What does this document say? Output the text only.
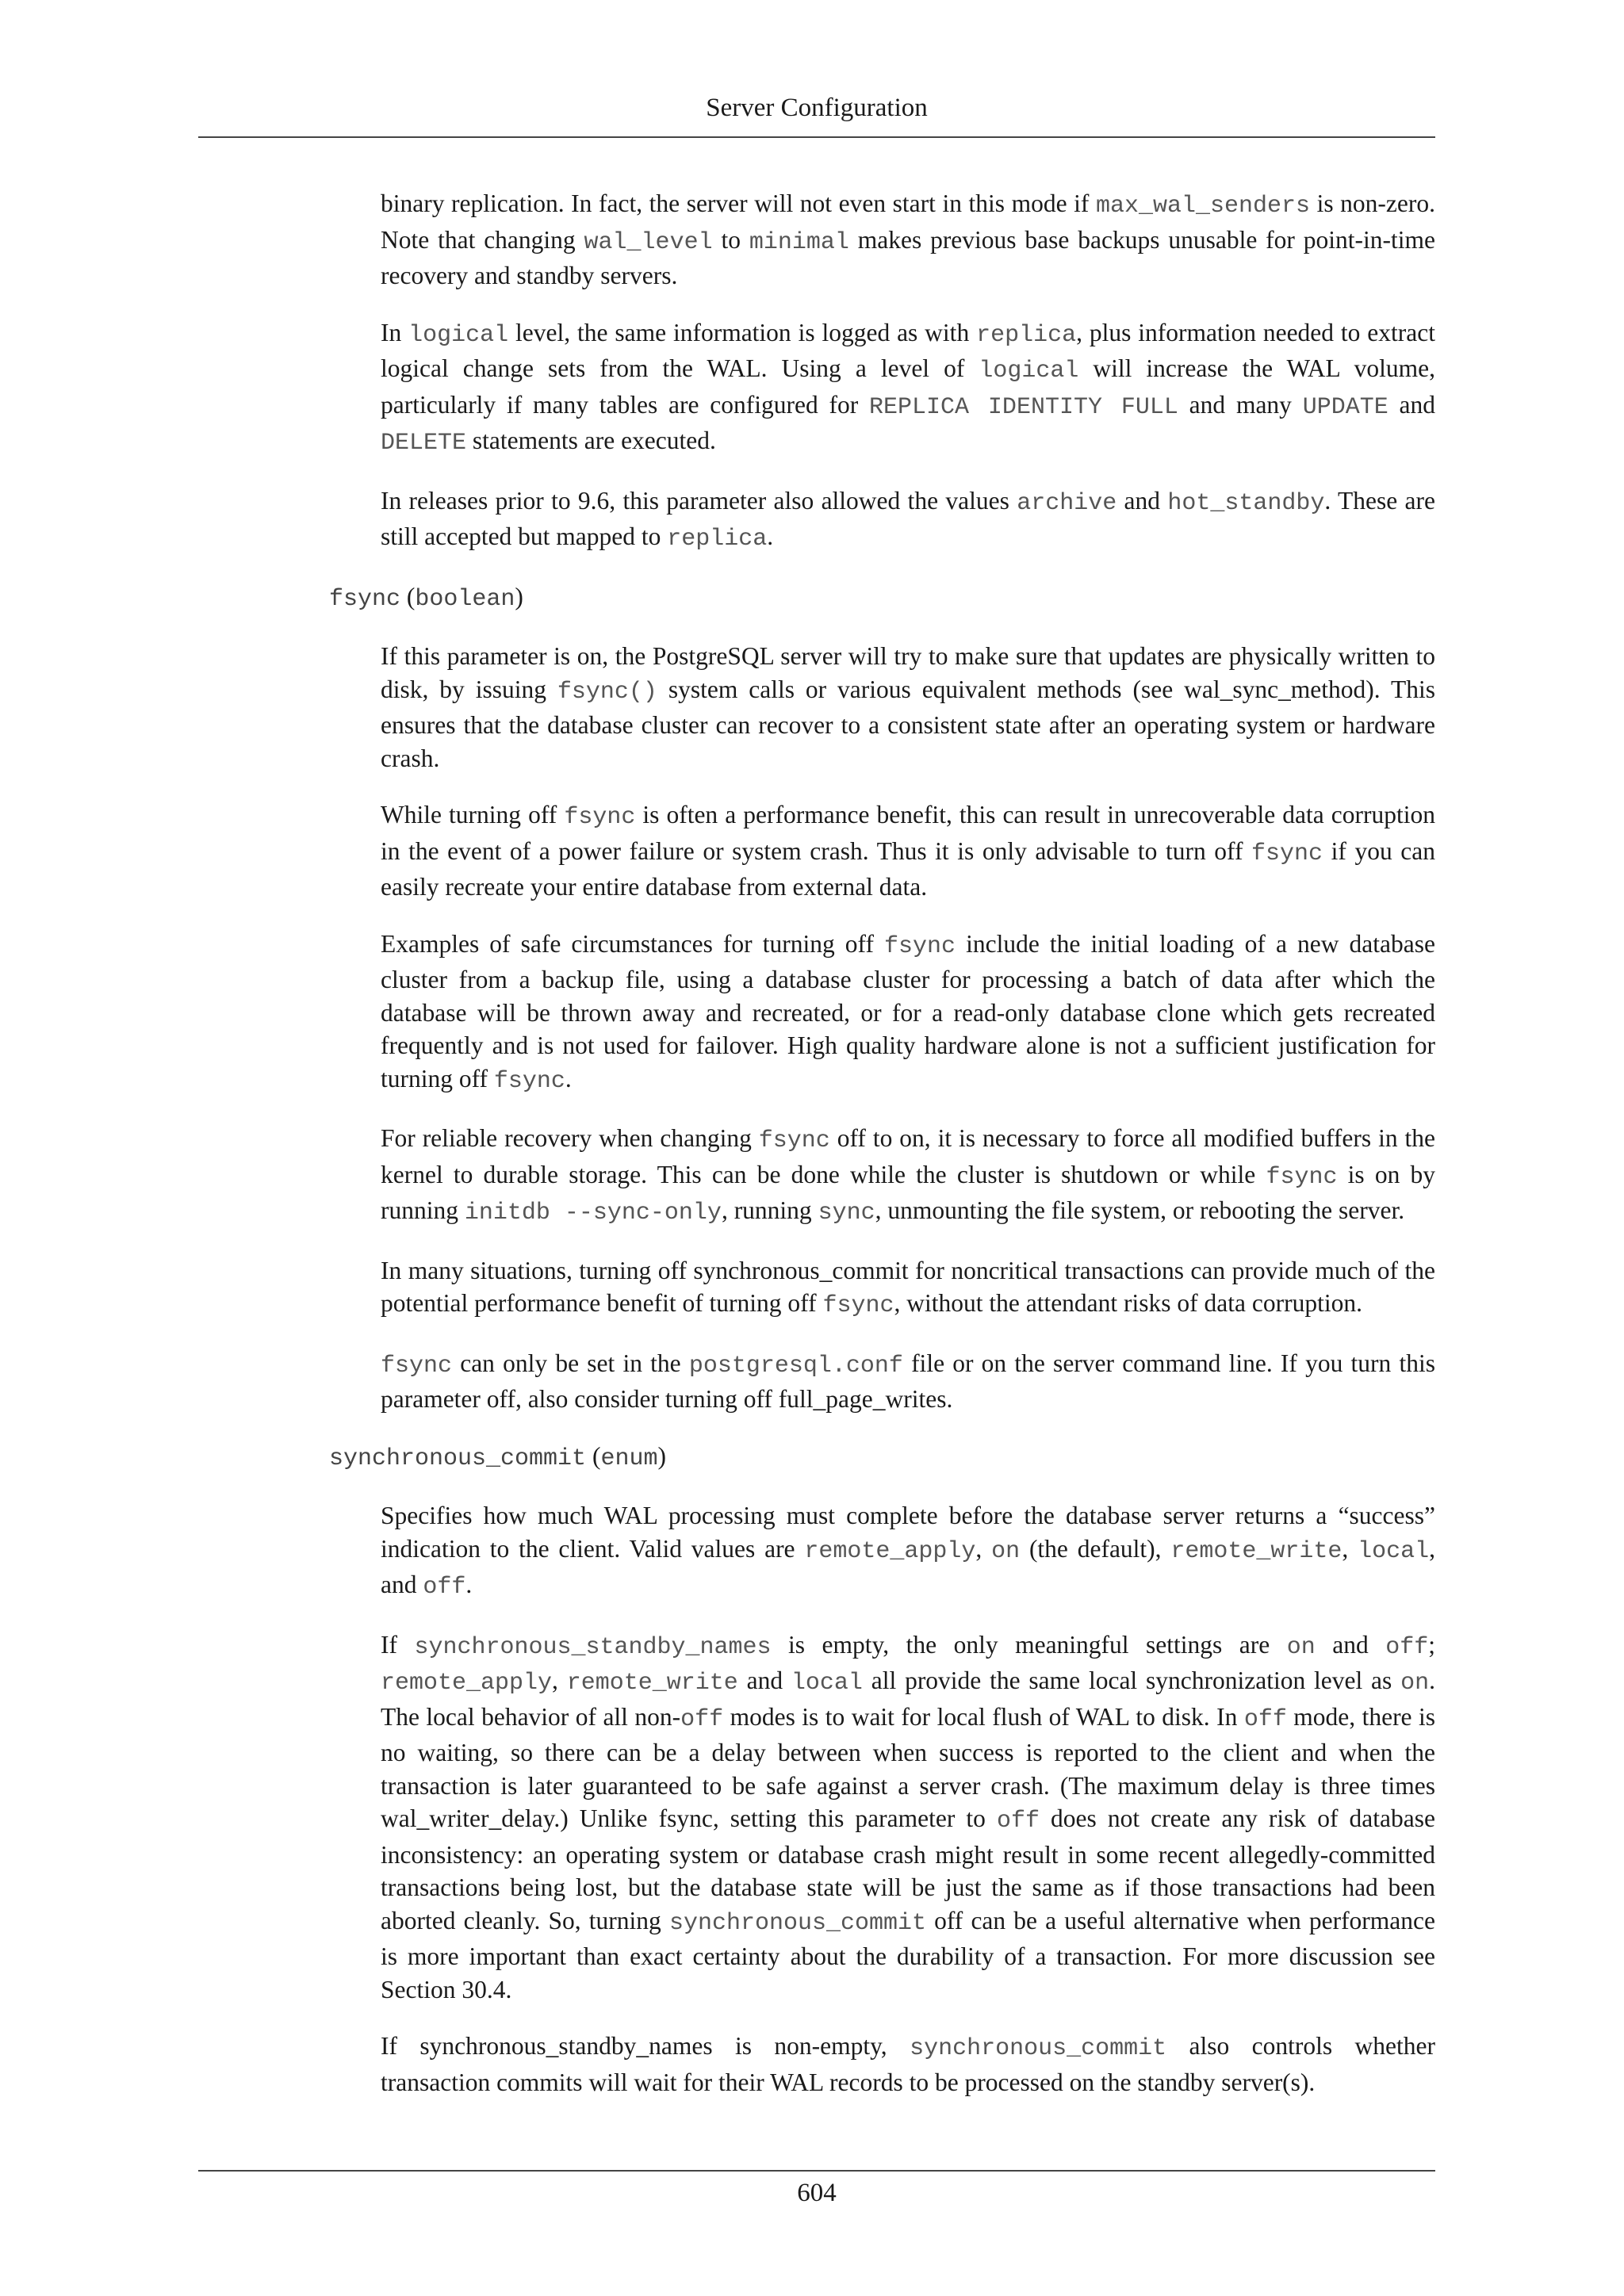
Server Configuration

binary replication. In fact, the server will not even start in this mode if max_wal_senders is non-zero. Note that changing wal_level to minimal makes previous base backups unusable for point-in-time recovery and standby servers.

In logical level, the same information is logged as with replica, plus information needed to extract logical change sets from the WAL. Using a level of logical will increase the WAL volume, particularly if many tables are configured for REPLICA IDENTITY FULL and many UPDATE and DELETE statements are executed.

In releases prior to 9.6, this parameter also allowed the values archive and hot_standby. These are still accepted but mapped to replica.

fsync (boolean)

If this parameter is on, the PostgreSQL server will try to make sure that updates are physically written to disk, by issuing fsync() system calls or various equivalent methods (see wal_sync_method). This ensures that the database cluster can recover to a consistent state after an operating system or hardware crash.

While turning off fsync is often a performance benefit, this can result in unrecoverable data corruption in the event of a power failure or system crash. Thus it is only advisable to turn off fsync if you can easily recreate your entire database from external data.

Examples of safe circumstances for turning off fsync include the initial loading of a new database cluster from a backup file, using a database cluster for processing a batch of data after which the database will be thrown away and recreated, or for a read-only database clone which gets recreated frequently and is not used for failover. High quality hardware alone is not a sufficient justification for turning off fsync.

For reliable recovery when changing fsync off to on, it is necessary to force all modified buffers in the kernel to durable storage. This can be done while the cluster is shutdown or while fsync is on by running initdb --sync-only, running sync, unmounting the file system, or rebooting the server.

In many situations, turning off synchronous_commit for noncritical transactions can provide much of the potential performance benefit of turning off fsync, without the attendant risks of data corruption.

fsync can only be set in the postgresql.conf file or on the server command line. If you turn this parameter off, also consider turning off full_page_writes.

synchronous_commit (enum)

Specifies how much WAL processing must complete before the database server returns a “success” indication to the client. Valid values are remote_apply, on (the default), remote_write, local, and off.

If synchronous_standby_names is empty, the only meaningful settings are on and off; remote_apply, remote_write and local all provide the same local synchronization level as on. The local behavior of all non-off modes is to wait for local flush of WAL to disk. In off mode, there is no waiting, so there can be a delay between when success is reported to the client and when the transaction is later guaranteed to be safe against a server crash. (The maximum delay is three times wal_writer_delay.) Unlike fsync, setting this parameter to off does not create any risk of database inconsistency: an operating system or database crash might result in some recent allegedly-committed transactions being lost, but the database state will be just the same as if those transactions had been aborted cleanly. So, turning synchronous_commit off can be a useful alternative when performance is more important than exact certainty about the durability of a transaction. For more discussion see Section 30.4.

If synchronous_standby_names is non-empty, synchronous_commit also controls whether transaction commits will wait for their WAL records to be processed on the standby server(s).

604
